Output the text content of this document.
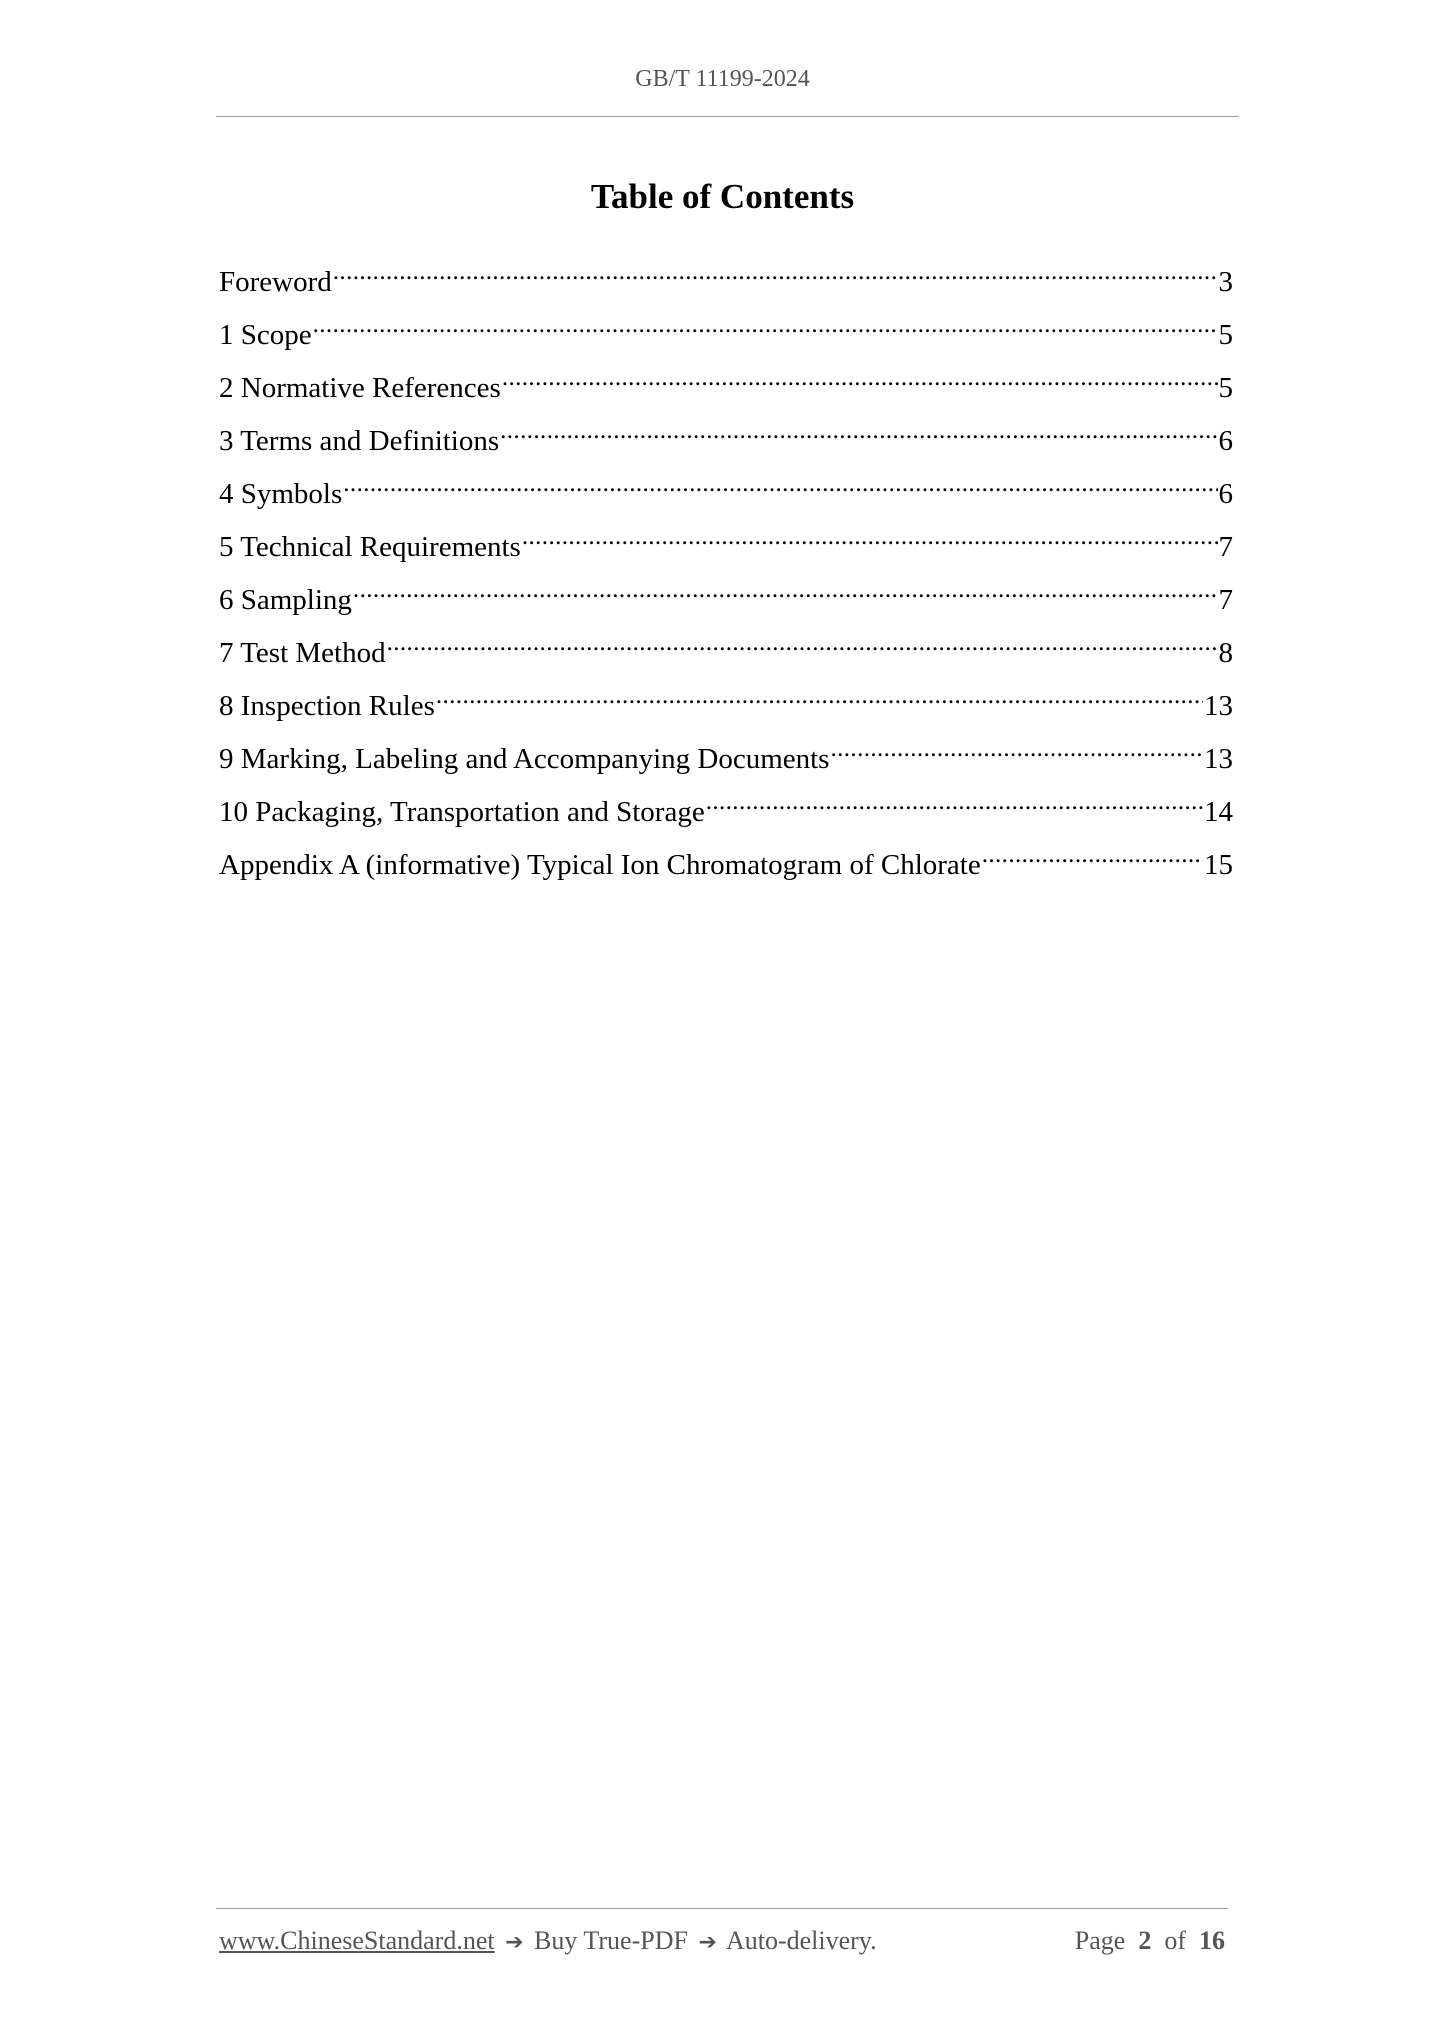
GB/T 11199-2024
Table of Contents
Foreword .....	3
1 Scope .....	5
2 Normative References .....	5
3 Terms and Definitions .....	6
4 Symbols .....	6
5 Technical Requirements .....	7
6 Sampling .....	7
7 Test Method .....	8
8 Inspection Rules .....	13
9 Marking, Labeling and Accompanying Documents .....	13
10 Packaging, Transportation and Storage .....	14
Appendix A (informative) Typical Ion Chromatogram of Chlorate .....	15
www.ChineseStandard.net ➔ Buy True-PDF ➔ Auto-delivery.	Page 2 of 16
